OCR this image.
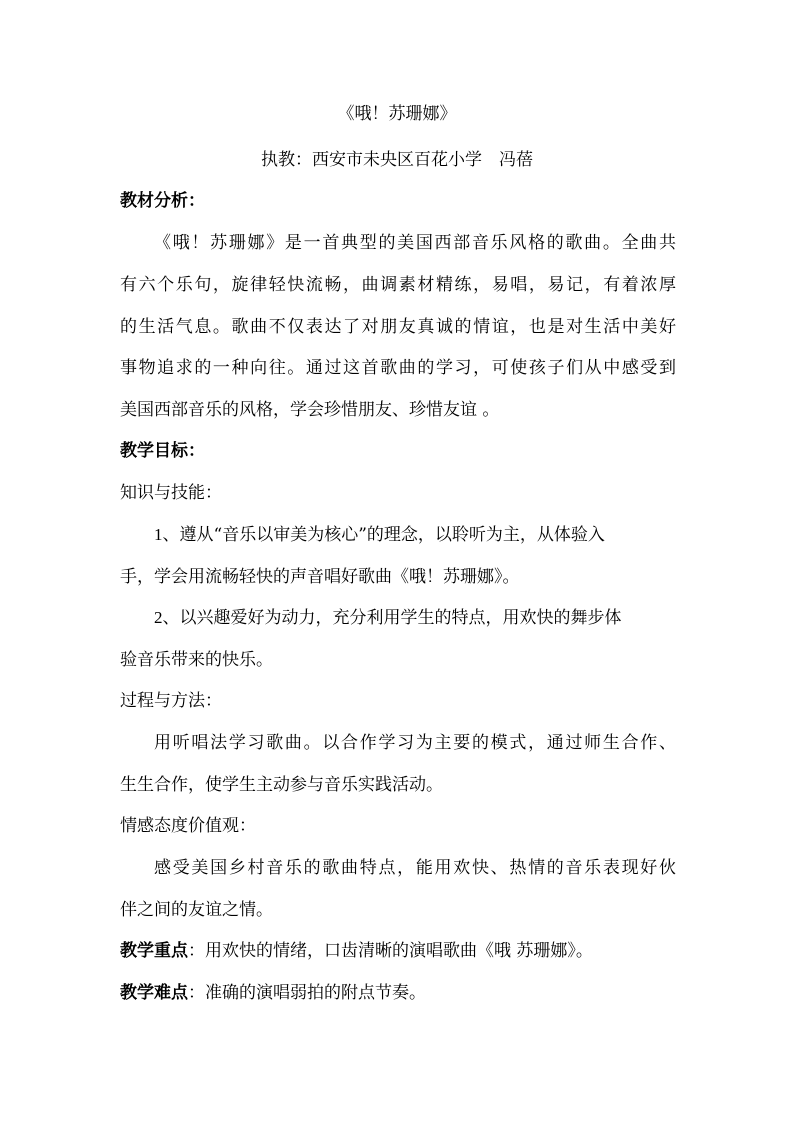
《哦！苏珊娜》
执教：西安市未央区百花小学　冯蓓
教材分析：
《哦！苏珊娜》是一首典型的美国西部音乐风格的歌曲。全曲共
有六个乐句，旋律轻快流畅，曲调素材精练，易唱，易记，有着浓厚
的生活气息。歌曲不仅表达了对朋友真诚的情谊，也是对生活中美好
事物追求的一种向往。通过这首歌曲的学习，可使孩子们从中感受到
美国西部音乐的风格，学会珍惜朋友、珍惜友谊 。
教学目标：
知识与技能：
1、遵从“音乐以审美为核心”的理念，以聆听为主，从体验入
手，学会用流畅轻快的声音唱好歌曲《哦！苏珊娜》。
2、以兴趣爱好为动力，充分利用学生的特点，用欢快的舞步体
验音乐带来的快乐。
过程与方法：
用听唱法学习歌曲。以合作学习为主要的模式，通过师生合作、
生生合作，使学生主动参与音乐实践活动。
情感态度价值观：
感受美国乡村音乐的歌曲特点，能用欢快、热情的音乐表现好伙
伴之间的友谊之情。
教学重点：用欢快的情绪，口齿清晰的演唱歌曲《哦 苏珊娜》。
教学难点：准确的演唱弱拍的附点节奏。
